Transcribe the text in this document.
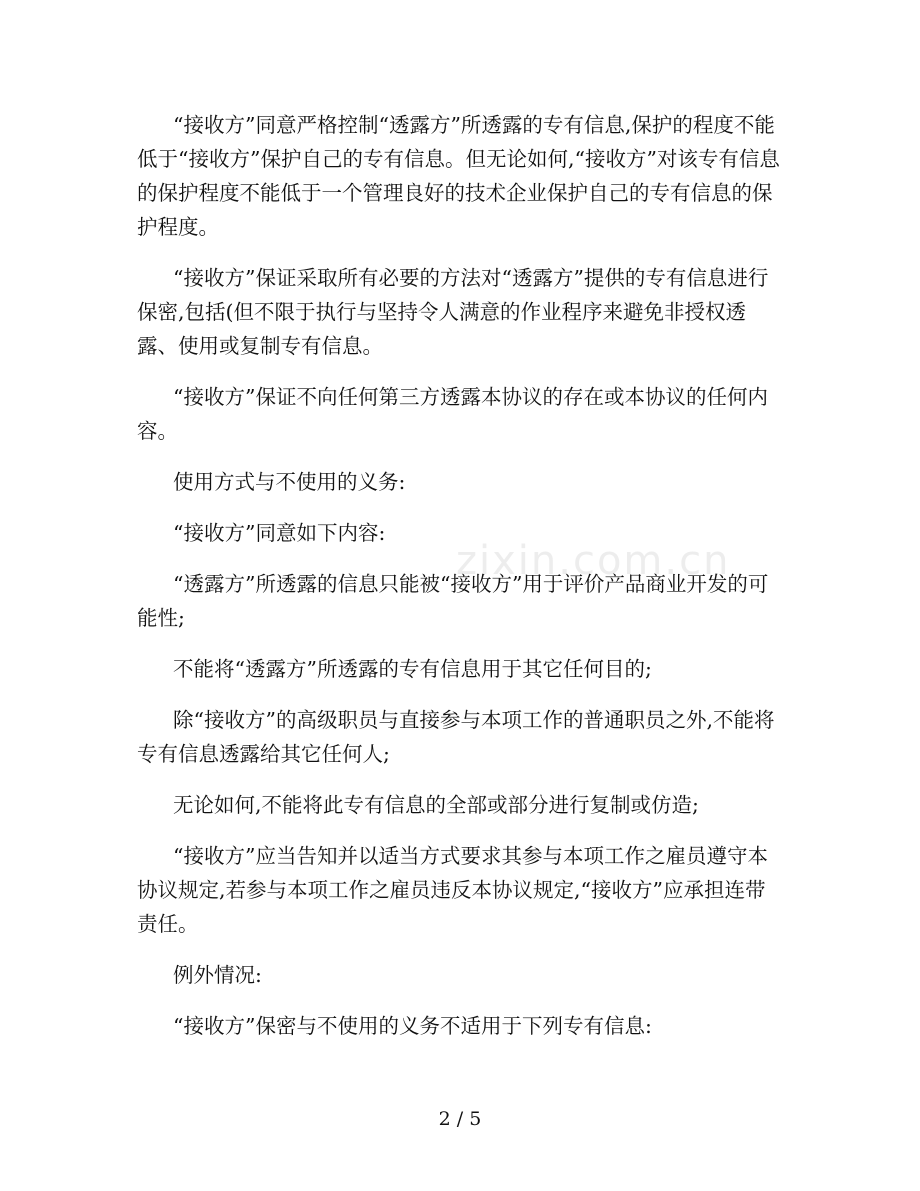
“接收方”同意严格控制“透露方”所透露的专有信息,保护的程度不能低于“接收方”保护自己的专有信息。但无论如何,“接收方”对该专有信息的保护程度不能低于一个管理良好的技术企业保护自己的专有信息的保护程度。

“接收方”保证采取所有必要的方法对“透露方”提供的专有信息进行保密,包括(但不限于执行与坚持令人满意的作业程序来避免非授权透露、使用或复制专有信息。

“接收方”保证不向任何第三方透露本协议的存在或本协议的任何内容。

使用方式与不使用的义务:

“接收方”同意如下内容:

“透露方”所透露的信息只能被“接收方”用于评价产品商业开发的可能性;

不能将“透露方”所透露的专有信息用于其它任何目的;

除“接收方”的高级职员与直接参与本项工作的普通职员之外,不能将专有信息透露给其它任何人;

无论如何,不能将此专有信息的全部或部分进行复制或仿造;

“接收方”应当告知并以适当方式要求其参与本项工作之雇员遵守本协议规定,若参与本项工作之雇员违反本协议规定,“接收方”应承担连带责任。

例外情况:

“接收方”保密与不使用的义务不适用于下列专有信息:

zixin.com.cn
2 / 5
